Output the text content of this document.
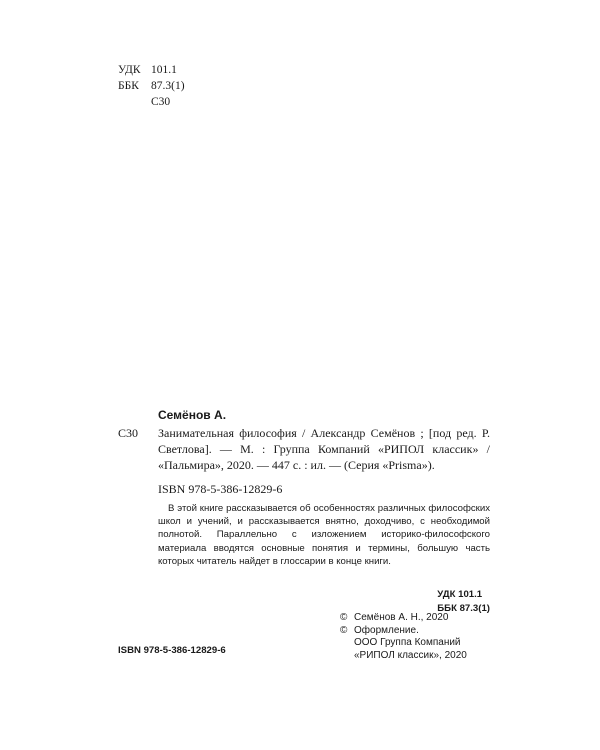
УДК 101.1
ББК	87.3(1)
С30
Семёнов А.
С30	Занимательная философия / Александр Семёнов ; [под ред. Р. Светлова]. — М. : Группа Компаний «РИПОЛ классик» / «Пальмира», 2020. — 447 с. : ил. — (Серия «Prisma»).
ISBN 978-5-386-12829-6

В этой книге рассказывается об особенностях различных философских школ и учений, и рассказывается внятно, доходчиво, с необходимой полнотой. Параллельно с изложением историко-философского материала вводятся основные понятия и термины, большую часть которых читатель найдет в глоссарии в конце книги.

УДК 101.1
ББК 87.3(1)
© Семёнов А. Н., 2020
© Оформление.
ООО Группа Компаний
«РИПОЛ классик», 2020
ISBN 978-5-386-12829-6
